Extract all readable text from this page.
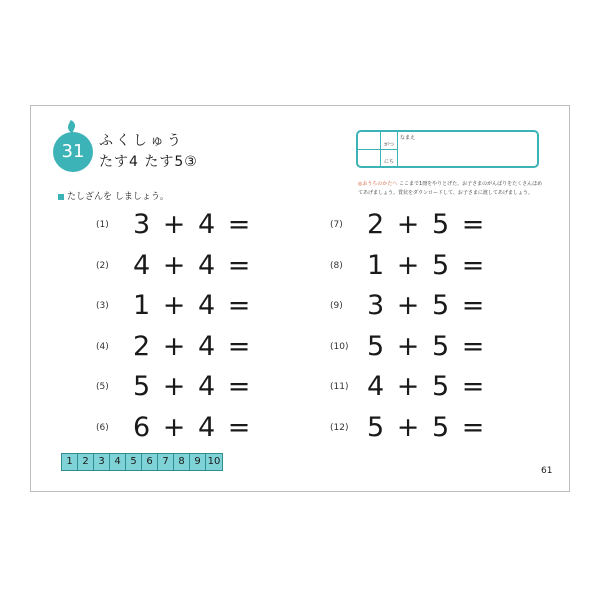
31	ふくしゅう
たす4 たす5③
がつ
にち
なまえ
◎おうちのかたへ ここまで1冊をやりとげた、お子さまのがんばりをたくさんほめてあげましょう。賞状をダウンロードして、お子さまに渡してあげましょう。
たしざんを しましょう。
(1) 3 + 4 =
(2) 4 + 4 =
(3) 1 + 4 =
(4) 2 + 4 =
(5) 5 + 4 =
(6) 6 + 4 =
(7) 2 + 5 =
(8) 1 + 5 =
(9) 3 + 5 =
(10) 5 + 5 =
(11) 4 + 5 =
(12) 5 + 5 =
1 2 3 4 5 6 7 8 9 10
61
